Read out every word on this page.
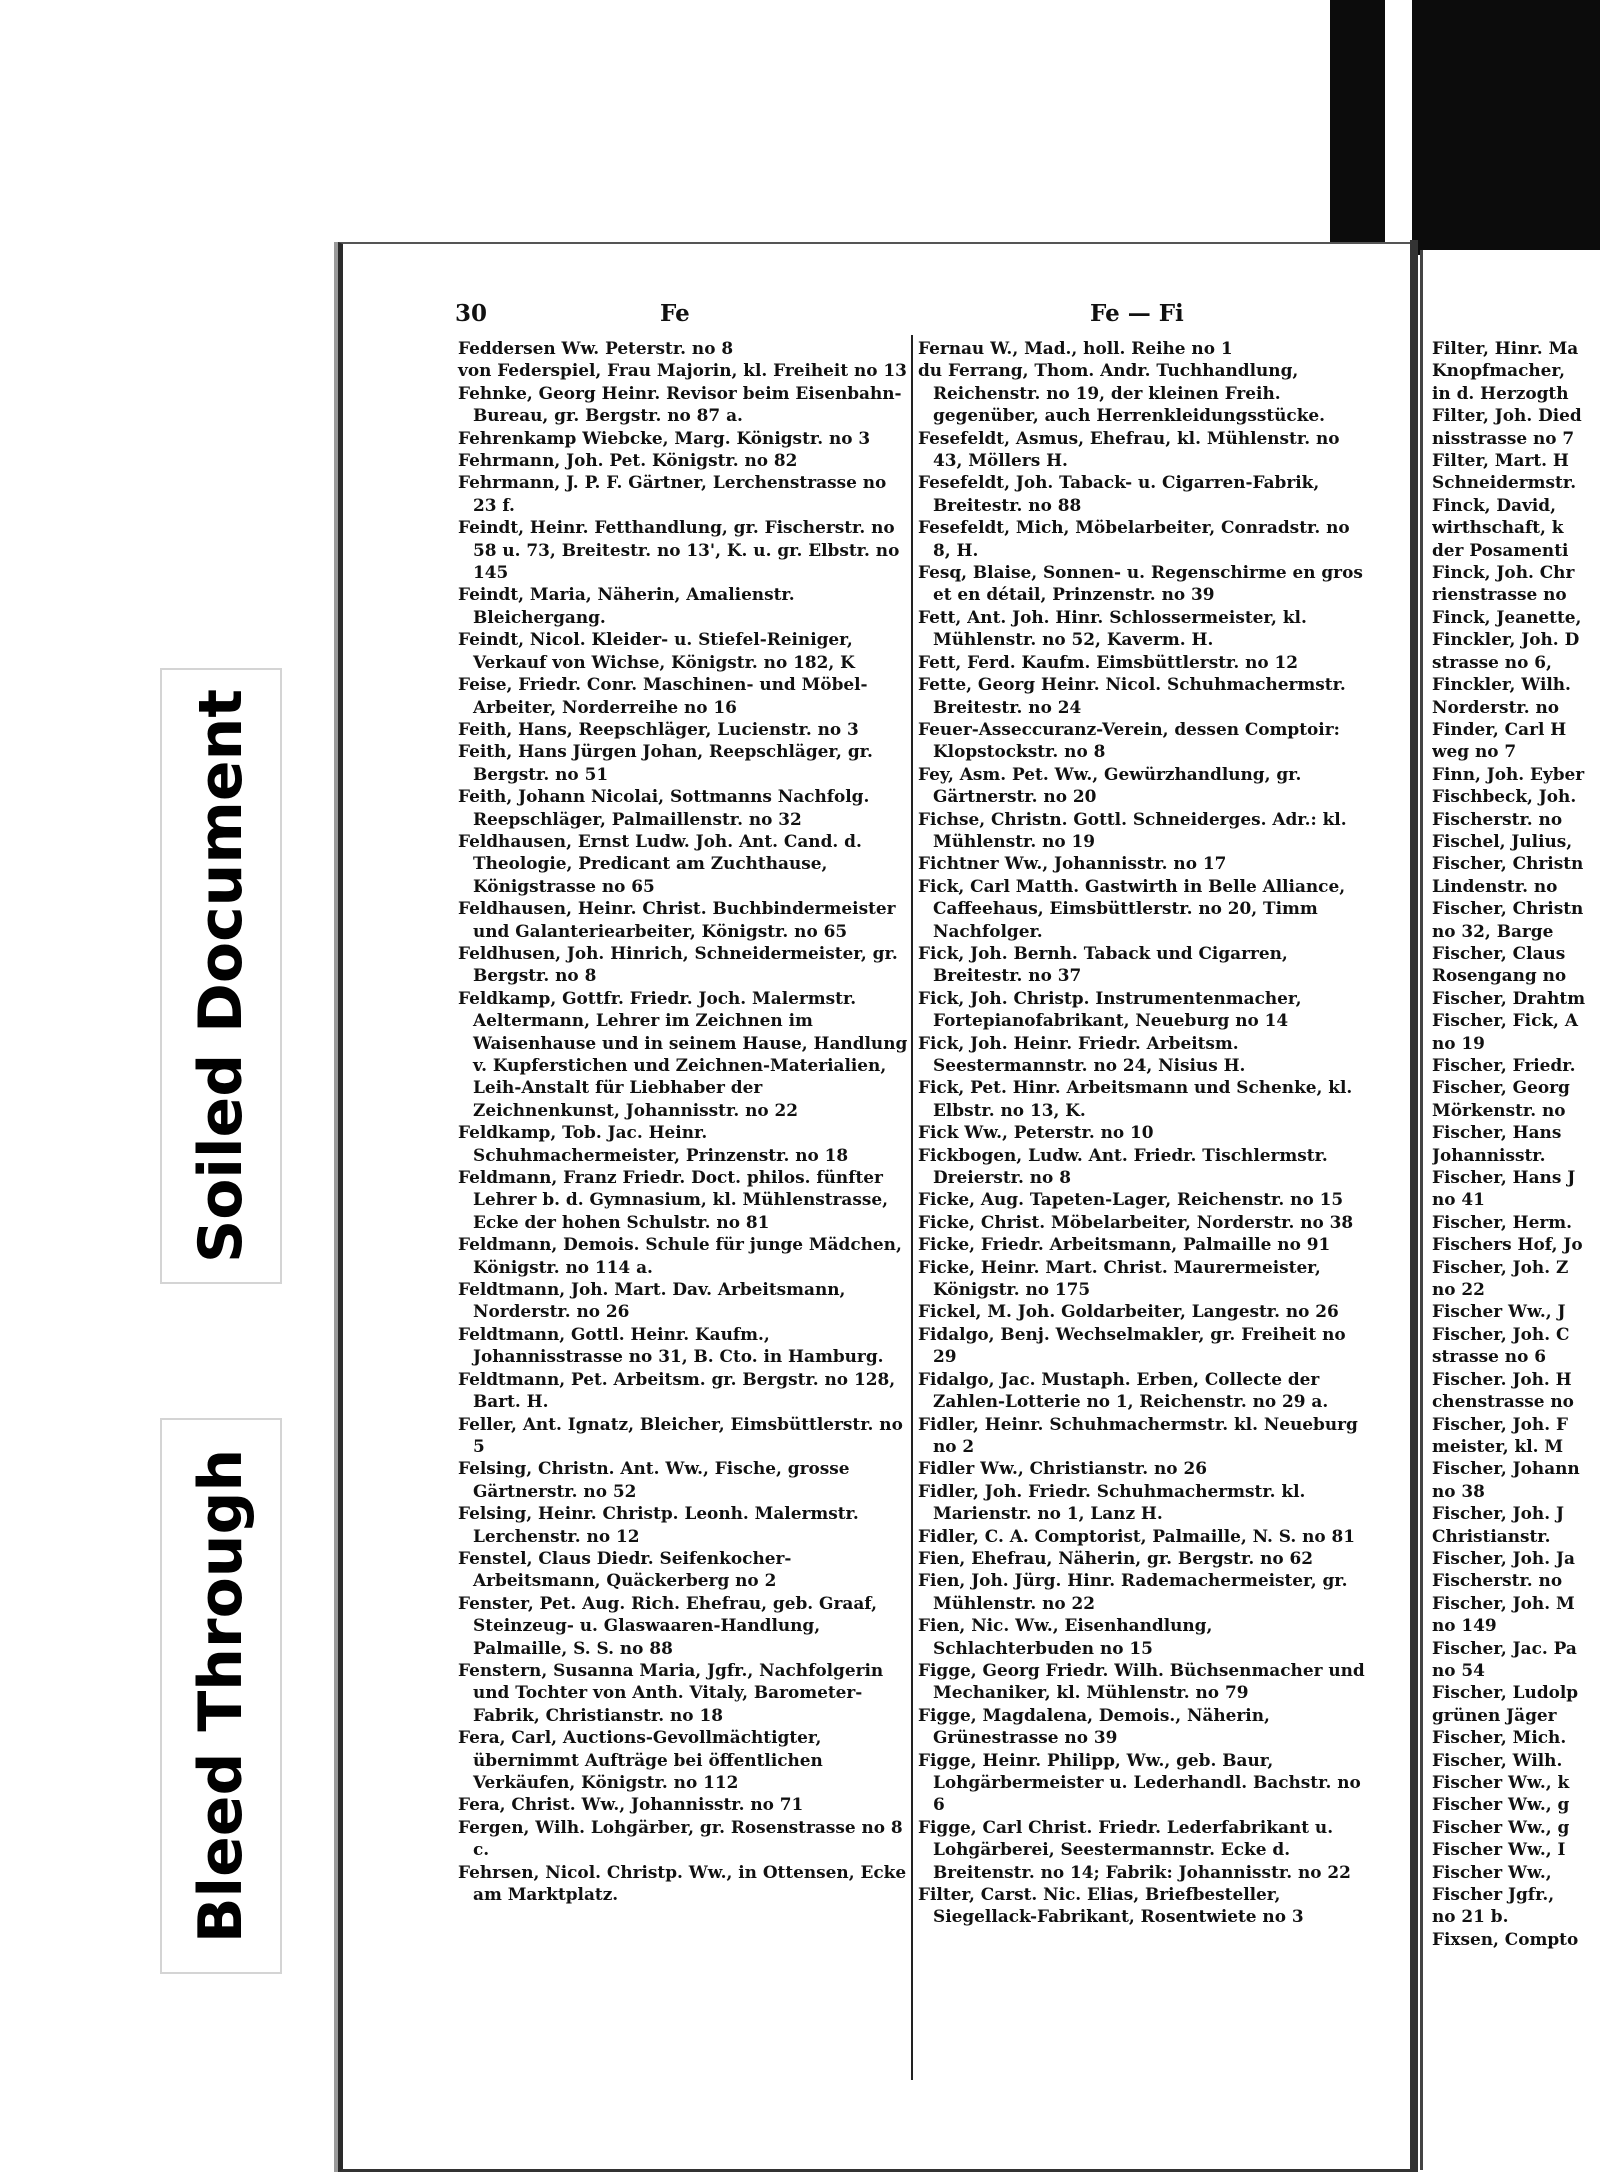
Soiled Document
Bleed Through
30	Fe	Fe — Fi
Feddersen Ww. Peterstr. no 8
von Federspiel, Frau Majorin, kl. Freiheit no 13
Fehnke, Georg Heinr. Revisor beim Eisenbahn-Bureau, gr. Bergstr. no 87 a.
Fehrenkamp Wiebcke, Marg. Königstr. no 3
Fehrmann, Joh. Pet. Königstr. no 82
Fehrmann, J. P. F. Gärtner, Lerchenstrasse no 23 f.
Feindt, Heinr. Fetthandlung, gr. Fischerstr. no 58 u. 73, Breitestr. no 13', K. u. gr. Elbstr. no 145
Feindt, Maria, Näherin, Amalienstr. Bleichergang.
Feindt, Nicol. Kleider- u. Stiefel-Reiniger, Verkauf von Wichse, Königstr. no 182, K
Feise, Friedr. Conr. Maschinen- und Möbel-Arbeiter, Norderreihe no 16
Feith, Hans, Reepschläger, Lucienstr. no 3
Feith, Hans Jürgen Johan, Reepschläger, gr. Bergstr. no 51
Feith, Johann Nicolai, Sottmanns Nachfolg. Reepschläger, Palmaillenstr. no 32
Feldhausen, Ernst Ludw. Joh. Ant. Cand. d. Theologie, Predicant am Zuchthause, Königstrasse no 65
Feldhausen, Heinr. Christ. Buchbindermeister und Galanteriearbeiter, Königstr. no 65
Feldhusen, Joh. Hinrich, Schneidermeister, gr. Bergstr. no 8
Feldkamp, Gottfr. Friedr. Joch. Malermstr. Aeltermann, Lehrer im Zeichnen im Waisenhause und in seinem Hause, Handlung v. Kupferstichen und Zeichnen-Materialien, Leih-Anstalt für Liebhaber der Zeichnenkunst, Johannisstr. no 22
Feldkamp, Tob. Jac. Heinr. Schuhmachermeister, Prinzenstr. no 18
Feldmann, Franz Friedr. Doct. philos. fünfter Lehrer b. d. Gymnasium, kl. Mühlenstrasse, Ecke der hohen Schulstr. no 81
Feldmann, Demois. Schule für junge Mädchen, Königstr. no 114 a.
Feldtmann, Joh. Mart. Dav. Arbeitsmann, Norderstr. no 26
Feldtmann, Gottl. Heinr. Kaufm., Johannisstrasse no 31, B. Cto. in Hamburg.
Feldtmann, Pet. Arbeitsm. gr. Bergstr. no 128, Bart. H.
Feller, Ant. Ignatz, Bleicher, Eimsbüttlerstr. no 5
Felsing, Christn. Ant. Ww., Fische, grosse Gärtnerstr. no 52
Felsing, Heinr. Christp. Leonh. Malermstr. Lerchenstr. no 12
Fenstel, Claus Diedr. Seifenkocher-Arbeitsmann, Quäckerberg no 2
Fenster, Pet. Aug. Rich. Ehefrau, geb. Graaf, Steinzeug- u. Glaswaaren-Handlung, Palmaille, S. S. no 88
Fenstern, Susanna Maria, Jgfr., Nachfolgerin und Tochter von Anth. Vitaly, Barometer-Fabrik, Christianstr. no 18
Fera, Carl, Auctions-Gevollmächtigter, übernimmt Aufträge bei öffentlichen Verkäufen, Königstr. no 112
Fera, Christ. Ww., Johannisstr. no 71
Fergen, Wilh. Lohgärber, gr. Rosenstrasse no 8 c.
Fehrsen, Nicol. Christp. Ww., in Ottensen, Ecke am Marktplatz.
Fernau W., Mad., holl. Reihe no 1
du Ferrang, Thom. Andr. Tuchhandlung, Reichenstr. no 19, der kleinen Freih. gegenüber, auch Herrenkleidungsstücke.
Fesefeldt, Asmus, Ehefrau, kl. Mühlenstr. no 43, Möllers H.
Fesefeldt, Joh. Taback- u. Cigarren-Fabrik, Breitestr. no 88
Fesefeldt, Mich, Möbelarbeiter, Conradstr. no 8, H.
Fesq, Blaise, Sonnen- u. Regenschirme en gros et en détail, Prinzenstr. no 39
Fett, Ant. Joh. Hinr. Schlossermeister, kl. Mühlenstr. no 52, Kaverm. H.
Fett, Ferd. Kaufm. Eimsbüttlerstr. no 12
Fette, Georg Heinr. Nicol. Schuhmachermstr. Breitestr. no 24
Feuer-Asseccuranz-Verein, dessen Comptoir: Klopstockstr. no 8
Fey, Asm. Pet. Ww., Gewürzhandlung, gr. Gärtnerstr. no 20
Fichse, Christn. Gottl. Schneiderges. Adr.: kl. Mühlenstr. no 19
Fichtner Ww., Johannisstr. no 17
Fick, Carl Matth. Gastwirth in Belle Alliance, Caffeehaus, Eimsbüttlerstr. no 20, Timm Nachfolger.
Fick, Joh. Bernh. Taback und Cigarren, Breitestr. no 37
Fick, Joh. Christp. Instrumentenmacher, Fortepianofabrikant, Neueburg no 14
Fick, Joh. Heinr. Friedr. Arbeitsm. Seestermannstr. no 24, Nisius H.
Fick, Pet. Hinr. Arbeitsmann und Schenke, kl. Elbstr. no 13, K.
Fick Ww., Peterstr. no 10
Fickbogen, Ludw. Ant. Friedr. Tischlermstr. Dreierstr. no 8
Ficke, Aug. Tapeten-Lager, Reichenstr. no 15
Ficke, Christ. Möbelarbeiter, Norderstr. no 38
Ficke, Friedr. Arbeitsmann, Palmaille no 91
Ficke, Heinr. Mart. Christ. Maurermeister, Königstr. no 175
Fickel, M. Joh. Goldarbeiter, Langestr. no 26
Fidalgo, Benj. Wechselmakler, gr. Freiheit no 29
Fidalgo, Jac. Mustaph. Erben, Collecte der Zahlen-Lotterie no 1, Reichenstr. no 29 a.
Fidler, Heinr. Schuhmachermstr. kl. Neueburg no 2
Fidler Ww., Christianstr. no 26
Fidler, Joh. Friedr. Schuhmachermstr. kl. Marienstr. no 1, Lanz H.
Fidler, C. A. Comptorist, Palmaille, N. S. no 81
Fien, Ehefrau, Näherin, gr. Bergstr. no 62
Fien, Joh. Jürg. Hinr. Rademachermeister, gr. Mühlenstr. no 22
Fien, Nic. Ww., Eisenhandlung, Schlachterbuden no 15
Figge, Georg Friedr. Wilh. Büchsenmacher und Mechaniker, kl. Mühlenstr. no 79
Figge, Magdalena, Demois., Näherin, Grünestrasse no 39
Figge, Heinr. Philipp, Ww., geb. Baur, Lohgärbermeister u. Lederhandl. Bachstr. no 6
Figge, Carl Christ. Friedr. Lederfabrikant u. Lohgärberei, Seestermannstr. Ecke d. Breitenstr. no 14; Fabrik: Johannisstr. no 22
Filter, Carst. Nic. Elias, Briefbesteller, Siegellack-Fabrikant, Rosentwiete no 3
Filter, Hinr. Ma
Knopfmacher,
in d. Herzogth
Filter, Joh. Died
nisstrasse no 7
Filter, Mart. H
Schneidermstr.
Finck, David,
wirthschaft, k
der Posamenti
Finck, Joh. Chr
rienstrasse no
Finck, Jeanette,
Finckler, Joh. D
strasse no 6,
Finckler, Wilh.
Norderstr. no
Finder, Carl H
weg no 7
Finn, Joh. Eyber
Fischbeck, Joh.
Fischerstr. no
Fischel, Julius,
Fischer, Christn
Lindenstr. no
Fischer, Christn
no 32, Barge
Fischer, Claus
Rosengang no
Fischer, Drahtm
Fischer, Fick, A
no 19
Fischer, Friedr.
Fischer, Georg
Mörkenstr. no
Fischer, Hans
Johannisstr.
Fischer, Hans J
no 41
Fischer, Herm.
Fischers Hof, Jo
Fischer, Joh. Z
no 22
Fischer Ww., J
Fischer, Joh. C
strasse no 6
Fischer. Joh. H
chenstrasse no
Fischer, Joh. F
meister, kl. M
Fischer, Johann
no 38
Fischer, Joh. J
Christianstr.
Fischer, Joh. Ja
Fischerstr. no
Fischer, Joh. M
no 149
Fischer, Jac. Pa
no 54
Fischer, Ludolp
grünen Jäger
Fischer, Mich.
Fischer, Wilh.
Fischer Ww., k
Fischer Ww., g
Fischer Ww., g
Fischer Ww., I
Fischer Ww.,
Fischer Jgfr.,
no 21 b.
Fixsen, Compto
